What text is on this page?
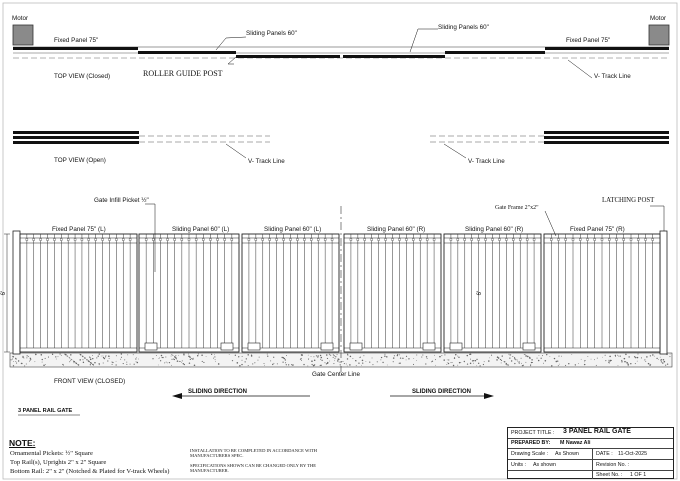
Motor	Motor
Fixed Panel 75"
Sliding Panels 60"
Sliding Panels 60"
Fixed Panel 75"
ROLLER GUIDE POST	V- Track Line
TOP VIEW (Closed)
V- Track Line	V- Track Line
TOP VIEW (Open)
Gate Infill Picket ½"	LATCHING POST
Gate Frame 2"x2"
Fixed Panel 75" (L)	Sliding Panel 60" (L)	Sliding Panel 60" (L)	Sliding Panel 60" (R)	Sliding Panel 60" (R)	Fixed Panel 75" (R)
6'	6'
Gate Center Line
FRONT VIEW (CLOSED)
SLIDING DIRECTION	SLIDING DIRECTION
3 PANEL RAIL GATE
NOTE:
Ornamental Pickets: ½" Square
Top Rail(s), Uprights 2" x 2" Square
Bottom Rail: 2" x 2" (Notched & Plated for V-track Wheels)
INSTALLATION TO BE COMPLETED IN ACCORDANCE WITH MANUFACTURERS SPEC.
SPECIFICATIONS SHOWN CAN BE CHANGED ONLY BY THE MANUFACTURER.
PROJECT TITLE : 3 PANEL RAIL GATE
PREPARED BY: M Nawaz Ali
Drawing Scale : As Shown	DATE : 11-Oct-2025
Units : As shown	Revision No. :
Sheet No. : 1 OF 1
